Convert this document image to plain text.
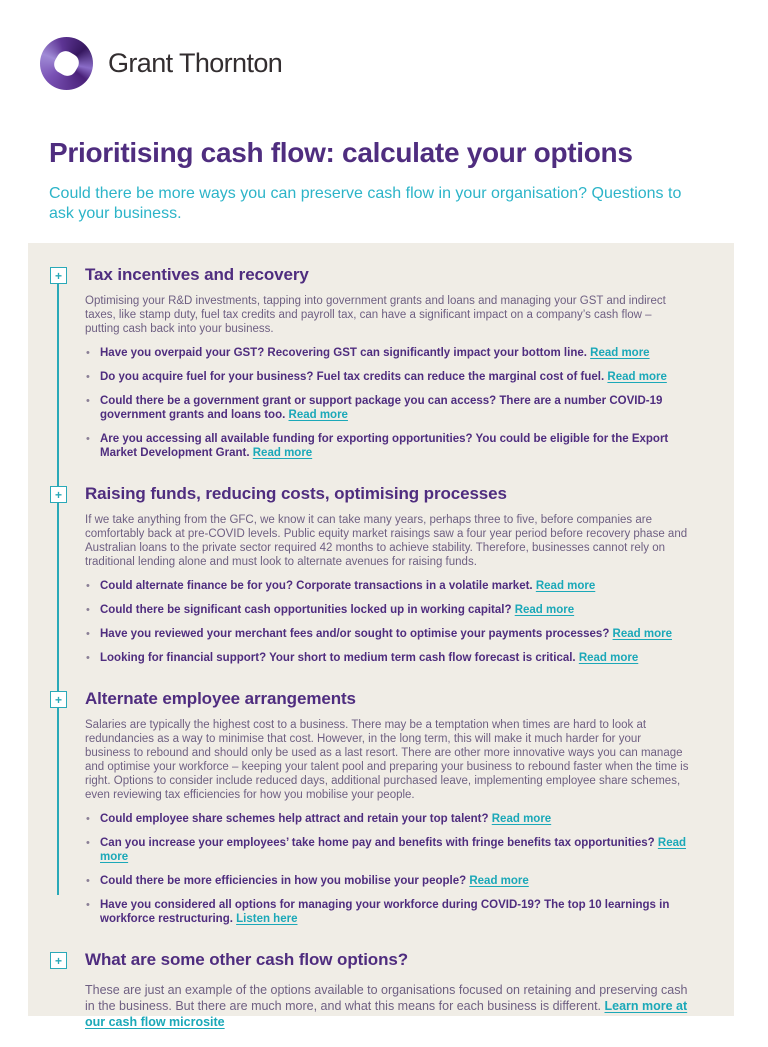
Grant Thornton
Prioritising cash flow: calculate your options

Could there be more ways you can preserve cash flow in your organisation? Questions to ask your business.

+ Tax incentives and recovery

Optimising your R&D investments, tapping into government grants and loans and managing your GST and indirect taxes, like stamp duty, fuel tax credits and payroll tax, can have a significant impact on a company’s cash flow – putting cash back into your business.

• Have you overpaid your GST? Recovering GST can significantly impact your bottom line. Read more
• Do you acquire fuel for your business? Fuel tax credits can reduce the marginal cost of fuel. Read more
• Could there be a government grant or support package you can access? There are a number COVID-19 government grants and loans too. Read more
• Are you accessing all available funding for exporting opportunities? You could be eligible for the Export Market Development Grant. Read more
+ Raising funds, reducing costs, optimising processes

If we take anything from the GFC, we know it can take many years, perhaps three to five, before companies are comfortably back at pre-COVID levels. Public equity market raisings saw a four year period before recovery phase and Australian loans to the private sector required 42 months to achieve stability. Therefore, businesses cannot rely on traditional lending alone and must look to alternate avenues for raising funds.

• Could alternate finance be for you? Corporate transactions in a volatile market. Read more
• Could there be significant cash opportunities locked up in working capital? Read more
• Have you reviewed your merchant fees and/or sought to optimise your payments processes? Read more
• Looking for financial support? Your short to medium term cash flow forecast is critical. Read more
+ Alternate employee arrangements

Salaries are typically the highest cost to a business. There may be a temptation when times are hard to look at redundancies as a way to minimise that cost. However, in the long term, this will make it much harder for your business to rebound and should only be used as a last resort. There are other more innovative ways you can manage and optimise your workforce – keeping your talent pool and preparing your business to rebound faster when the time is right. Options to consider include reduced days, additional purchased leave, implementing employee share schemes, even reviewing tax efficiencies for how you mobilise your people.

• Could employee share schemes help attract and retain your top talent? Read more
• Can you increase your employees’ take home pay and benefits with fringe benefits tax opportunities? Read more
• Could there be more efficiencies in how you mobilise your people? Read more
• Have you considered all options for managing your workforce during COVID-19? The top 10 learnings in workforce restructuring. Listen here
+ What are some other cash flow options?

These are just an example of the options available to organisations focused on retaining and preserving cash in the business. But there are much more, and what this means for each business is different. Learn more at our cash flow microsite
